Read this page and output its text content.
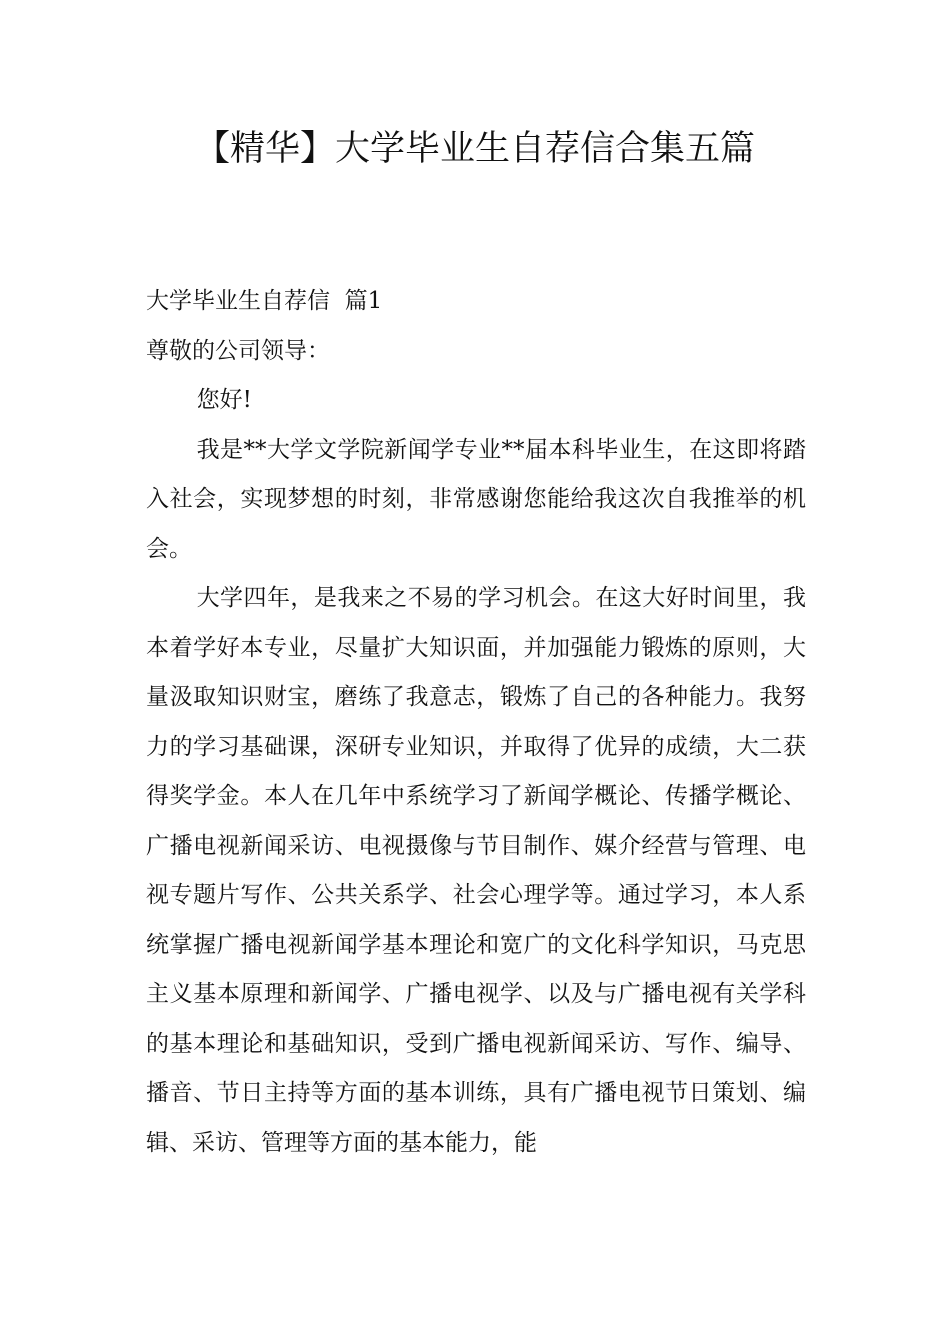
【精华】大学毕业生自荐信合集五篇

大学毕业生自荐信  篇1

尊敬的公司领导：

您好!

我是**大学文学院新闻学专业**届本科毕业生，在这即将踏入社会，实现梦想的时刻，非常感谢您能给我这次自我推举的机会。

大学四年，是我来之不易的学习机会。在这大好时间里，我本着学好本专业，尽量扩大知识面，并加强能力锻炼的原则，大量汲取知识财宝，磨练了我意志，锻炼了自己的各种能力。我努力的学习基础课，深研专业知识，并取得了优异的成绩，大二获得奖学金。本人在几年中系统学习了新闻学概论、传播学概论、广播电视新闻采访、电视摄像与节目制作、媒介经营与管理、电视专题片写作、公共关系学、社会心理学等。通过学习，本人系统掌握广播电视新闻学基本理论和宽广的文化科学知识，马克思主义基本原理和新闻学、广播电视学、以及与广播电视有关学科的基本理论和基础知识，受到广播电视新闻采访、写作、编导、播音、节日主持等方面的基本训练，具有广播电视节日策划、编辑、采访、管理等方面的基本能力，能
